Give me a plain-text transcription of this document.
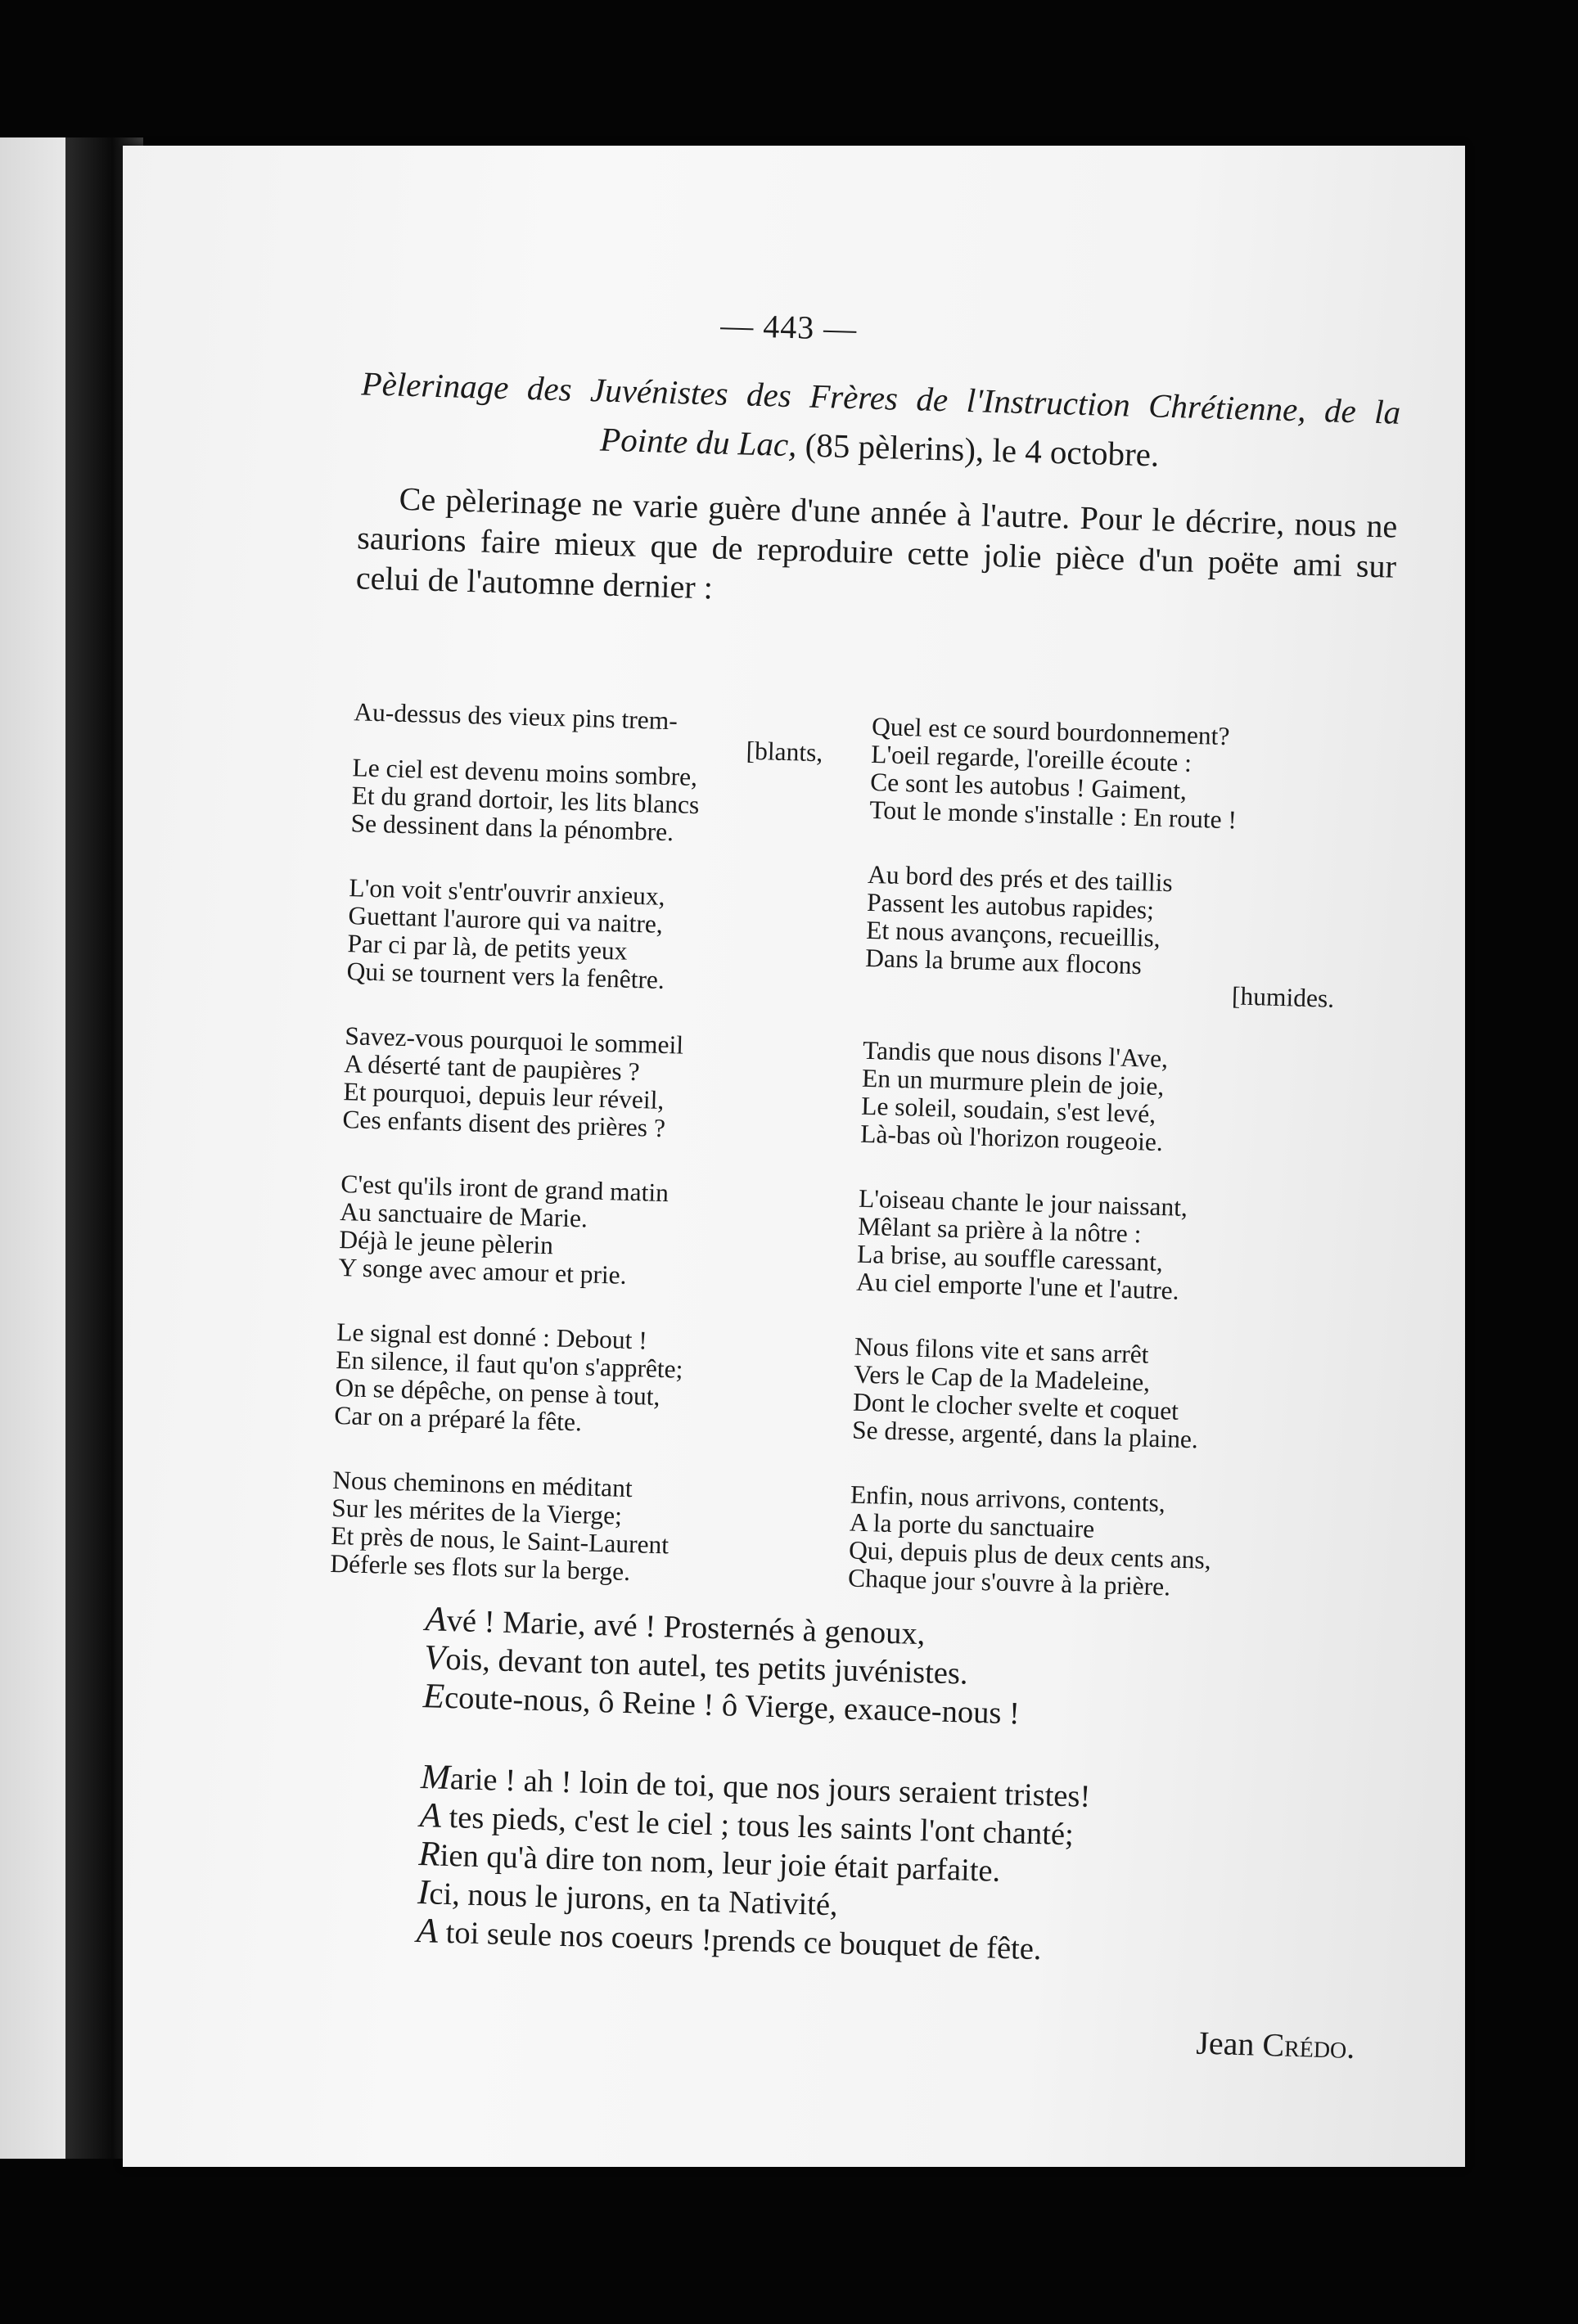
— 443 —
Pèlerinage des Juvénistes des Frères de l'Instruction Chrétienne, de la Pointe du Lac, (85 pèlerins), le 4 octobre.
Ce pèlerinage ne varie guère d'une année à l'autre. Pour le décrire, nous ne saurions faire mieux que de reproduire cette jolie pièce d'un poëte ami sur celui de l'automne dernier :
Au-dessus des vieux pins trem-
[blants,
Le ciel est devenu moins sombre,
Et du grand dortoir, les lits blancs
Se dessinent dans la pénombre.
L'on voit s'entr'ouvrir anxieux,
Guettant l'aurore qui va naitre,
Par ci par là, de petits yeux
Qui se tournent vers la fenêtre.
Savez-vous pourquoi le sommeil
A déserté tant de paupières ?
Et pourquoi, depuis leur réveil,
Ces enfants disent des prières ?
C'est qu'ils iront de grand matin
Au sanctuaire de Marie.
Déjà le jeune pèlerin
Y songe avec amour et prie.
Le signal est donné : Debout !
En silence, il faut qu'on s'apprête;
On se dépêche, on pense à tout,
Car on a préparé la fête.
Nous cheminons en méditant
Sur les mérites de la Vierge;
Et près de nous, le Saint-Laurent
Déferle ses flots sur la berge.
Quel est ce sourd bourdonnement?
L'oeil regarde, l'oreille écoute :
Ce sont les autobus ! Gaiment,
Tout le monde s'installe : En route !
Au bord des prés et des taillis
Passent les autobus rapides;
Et nous avançons, recueillis,
Dans la brume aux flocons
[humides.
Tandis que nous disons l'Ave,
En un murmure plein de joie,
Le soleil, soudain, s'est levé,
Là-bas où l'horizon rougeoie.
L'oiseau chante le jour naissant,
Mêlant sa prière à la nôtre :
La brise, au souffle caressant,
Au ciel emporte l'une et l'autre.
Nous filons vite et sans arrêt
Vers le Cap de la Madeleine,
Dont le clocher svelte et coquet
Se dresse, argenté, dans la plaine.
Enfin, nous arrivons, contents,
A la porte du sanctuaire
Qui, depuis plus de deux cents ans,
Chaque jour s'ouvre à la prière.
Avé ! Marie, avé ! Prosternés à genoux,
Vois, devant ton autel, tes petits juvénistes.
Ecoute-nous, ô Reine ! ô Vierge, exauce-nous !
Marie ! ah ! loin de toi, que nos jours seraient tristes!
A tes pieds, c'est le ciel ; tous les saints l'ont chanté;
Rien qu'à dire ton nom, leur joie était parfaite.
Ici, nous le jurons, en ta Nativité,
A toi seule nos coeurs !prends ce bouquet de fête.
Jean Crédo.
